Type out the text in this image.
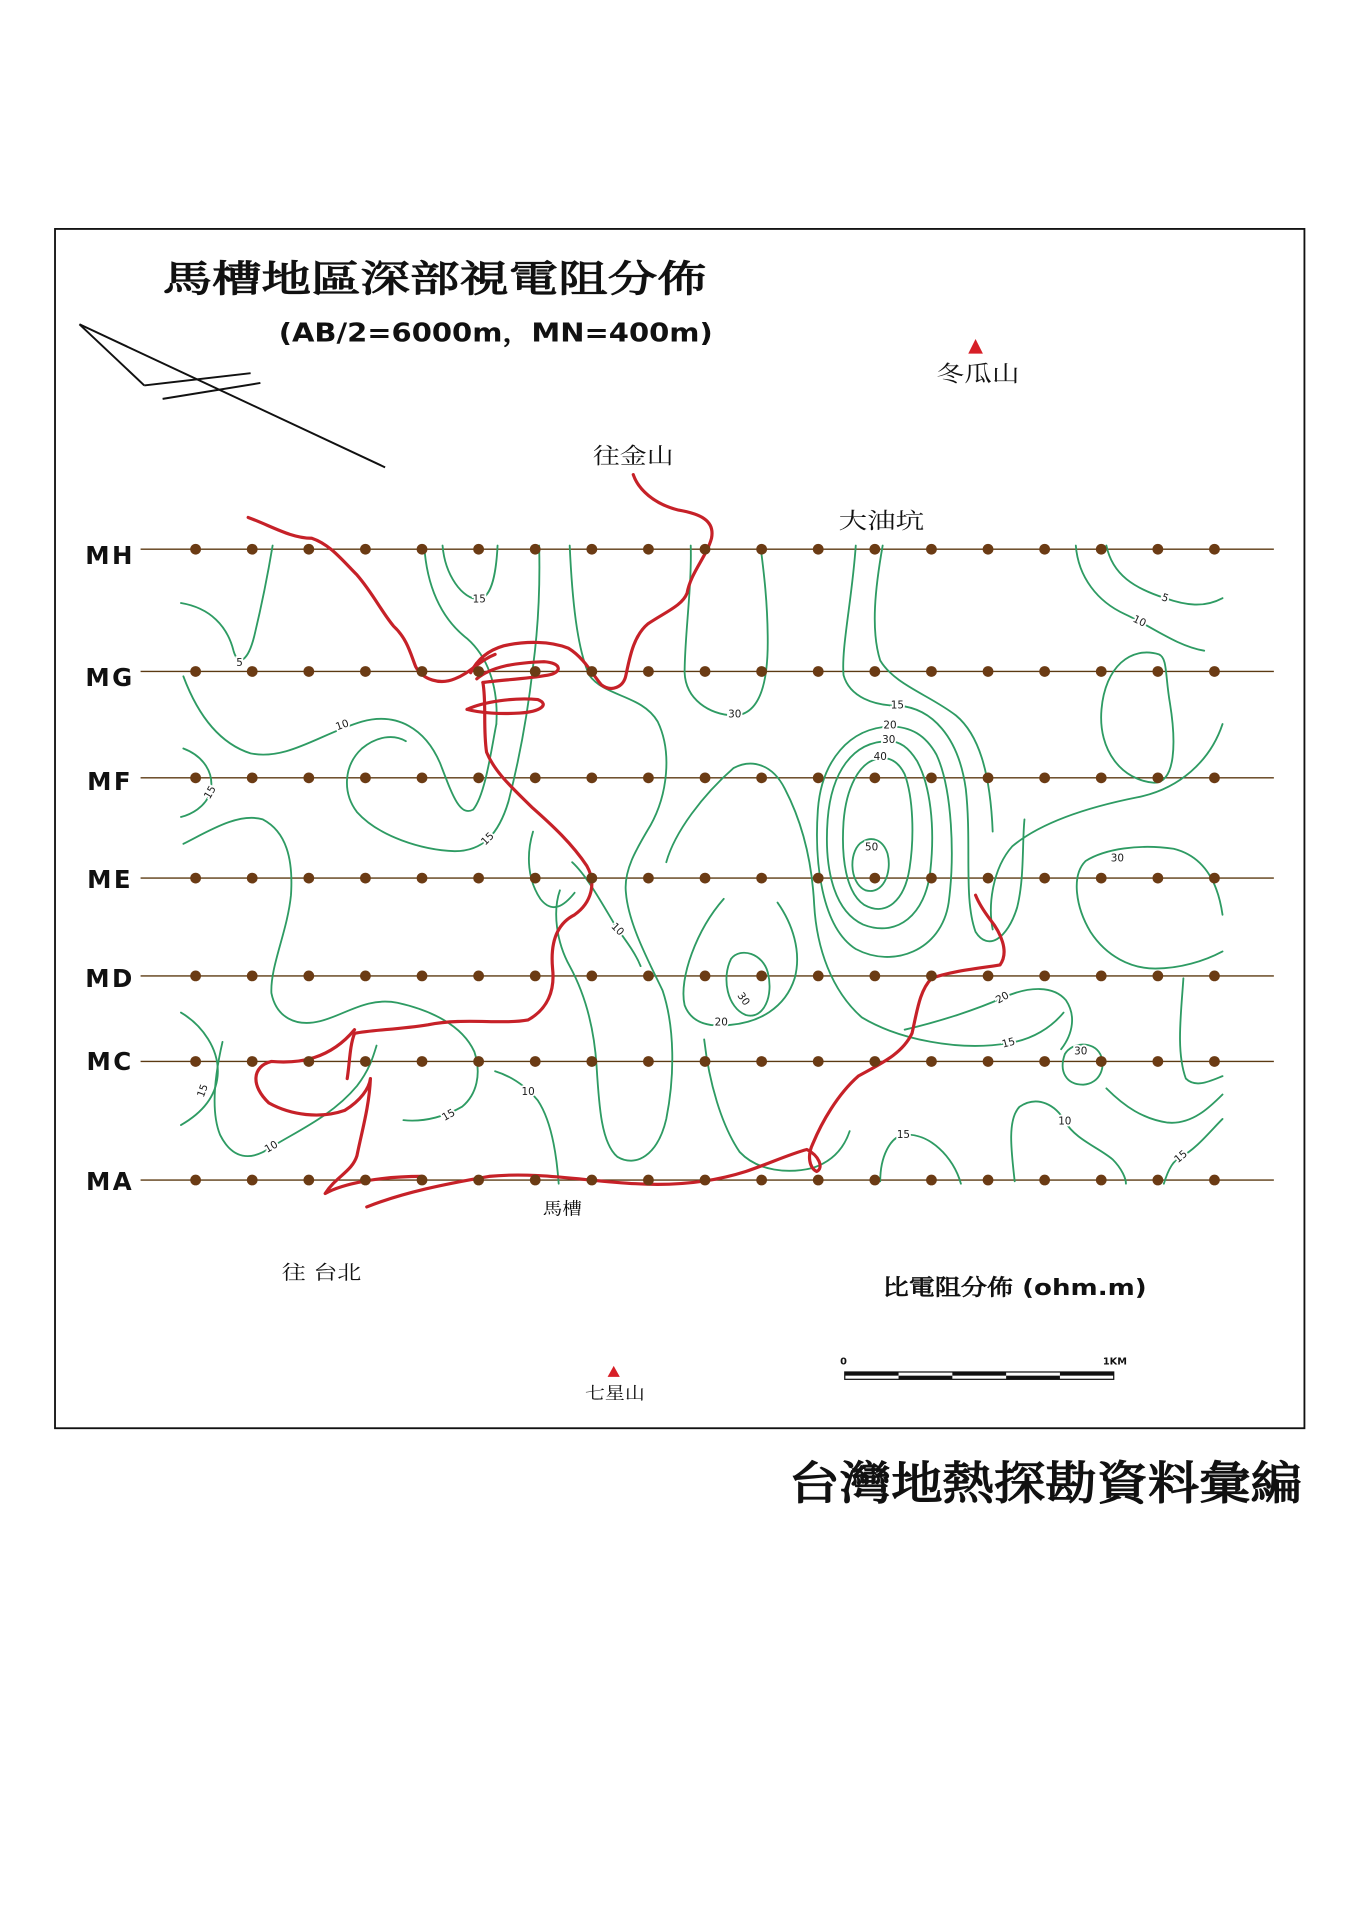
馬槽地區深部視電阻分佈
(AB/2=6000m，MN=400m)
MH
MG
MF
ME
MD
MC
MA
15
5
5
10
10
30
15
20
30
40
15
15	50
30
10
30
20
20
15
30
15	10
15
10
10
15
15
冬瓜山
往金山
大油坑
馬槽
往 台北
七星山
比電阻分佈 (ohm.m)
0	1KM
台灣地熱探勘資料彙編
